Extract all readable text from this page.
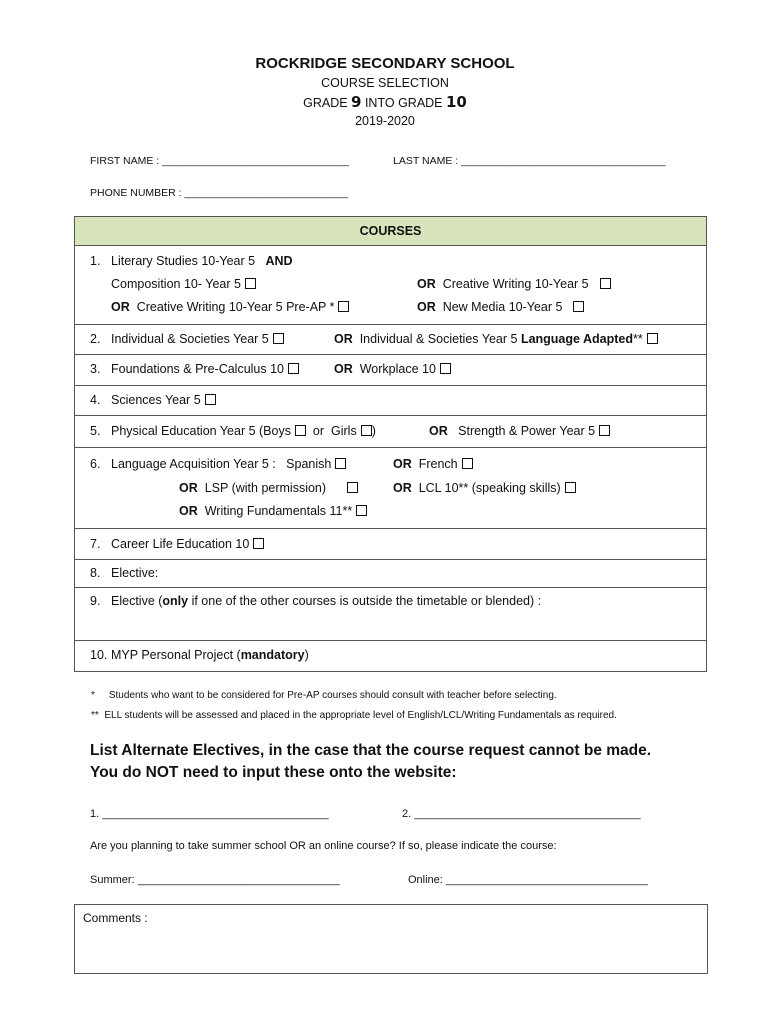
ROCKRIDGE SECONDARY SCHOOL
COURSE SELECTION
GRADE 9 INTO GRADE 10
2019-2020
FIRST NAME : ________________________________	LAST NAME : ___________________________________
PHONE NUMBER : ____________________________
COURSES

1. Literary Studies 10-Year 5 AND
Composition 10- Year 5	OR Creative Writing 10-Year 5
OR Creative Writing 10-Year 5 Pre-AP *	OR New Media 10-Year 5

2. Individual & Societies Year 5	OR Individual & Societies Year 5 Language Adapted**

3. Foundations & Pre-Calculus 10	OR Workplace 10

4. Sciences Year 5

5. Physical Education Year 5 (Boys or Girls )	OR Strength & Power Year 5

6. Language Acquisition Year 5 : Spanish	OR French
OR LSP (with permission)	OR LCL 10** (speaking skills)
OR Writing Fundamentals 11**

7. Career Life Education 10

8. Elective:

9. Elective (only if one of the other courses is outside the timetable or blended) :

10. MYP Personal Project (mandatory)
* Students who want to be considered for Pre-AP courses should consult with teacher before selecting.
** ELL students will be assessed and placed in the appropriate level of English/LCL/Writing Fundamentals as required.
List Alternate Electives, in the case that the course request cannot be made.
You do NOT need to input these onto the website:
1. _____________________________________	2. _____________________________________
Are you planning to take summer school OR an online course? If so, please indicate the course:
Summer: _________________________________	Online: _________________________________
Comments :
